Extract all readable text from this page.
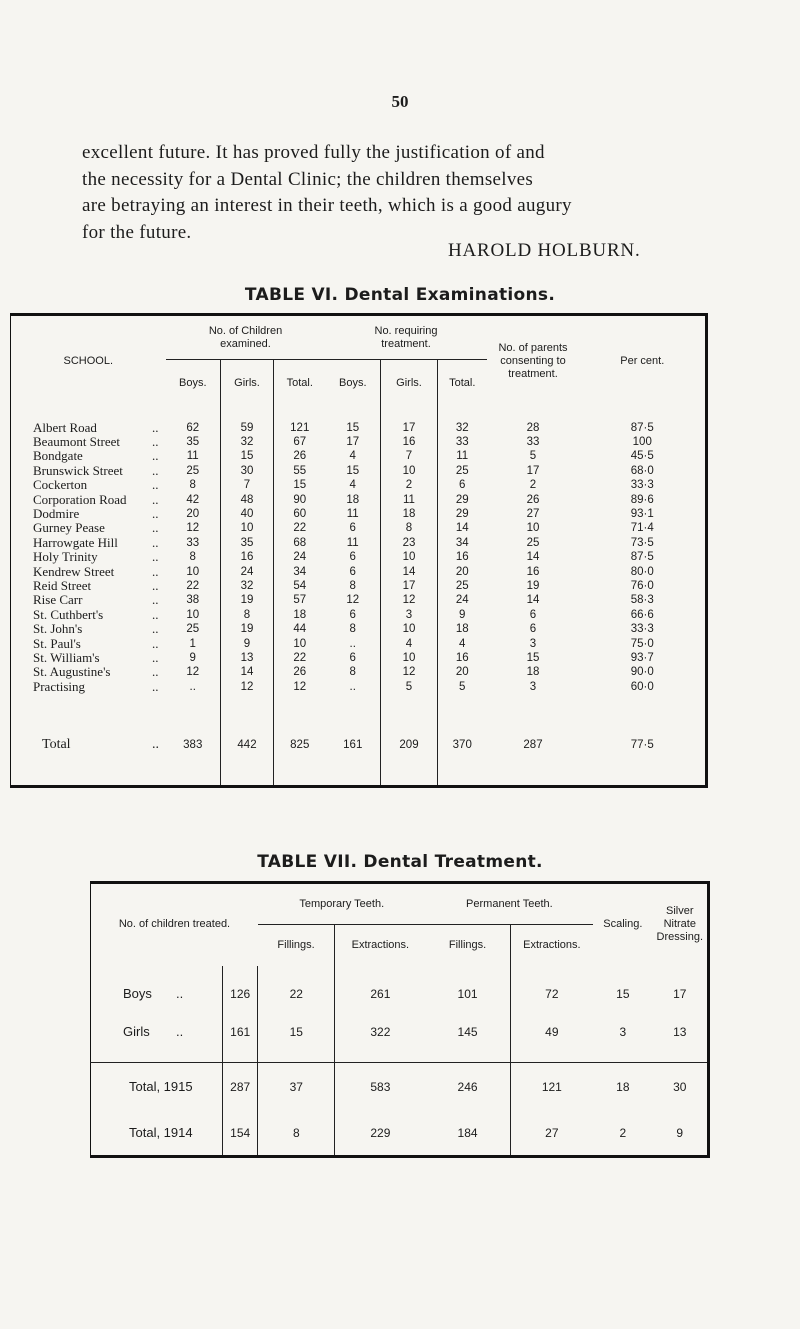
50
excellent future. It has proved fully the justification of and
the necessity for a Dental Clinic; the children themselves
are betraying an interest in their teeth, which is a good augury
for the future.
HAROLD HOLBURN.
TABLE VI. Dental Examinations.
SCHOOL.	No. of Children examined.			No. requiring treatment.			No. of parents consenting to treatment.	Per cent.
	Boys.	Girls.	Total.	Boys.	Girls.	Total.		

Albert Road ..	62	59	121	15	17	32	28	87·5
Beaumont Street ..	35	32	67	17	16	33	33	100
Bondgate ..	11	15	26	4	7	11	5	45·5
Brunswick Street ..	25	30	55	15	10	25	17	68·0
Cockerton ..	8	7	15	4	2	6	2	33·3
Corporation Road ..	42	48	90	18	11	29	26	89·6
Dodmire ..	20	40	60	11	18	29	27	93·1
Gurney Pease ..	12	10	22	6	8	14	10	71·4
Harrowgate Hill ..	33	35	68	11	23	34	25	73·5
Holy Trinity ..	8	16	24	6	10	16	14	87·5
Kendrew Street ..	10	24	34	6	14	20	16	80·0
Reid Street ..	22	32	54	8	17	25	19	76·0
Rise Carr ..	38	19	57	12	12	24	14	58·3
St. Cuthbert's ..	10	8	18	6	3	9	6	66·6
St. John's ..	25	19	44	8	10	18	6	33·3
St. Paul's ..	1	9	10	..	4	4	3	75·0
St. William's ..	9	13	22	6	10	16	15	93·7
St. Augustine's ..	12	14	26	8	12	20	18	90·0
Practising ..	..	12	12	..	5	5	3	60·0

Total ..	383	442	825	161	209	370	287	77·5
TABLE VII. Dental Treatment.
No. of children treated.		Temporary Teeth.		Permanent Teeth.		Scaling.	Silver Nitrate Dressing.
		Fillings.	Extractions.	Fillings.	Extractions.		

Boys ..	126	22	261	101	72	15	17
Girls ..	161	15	322	145	49	3	13

Total, 1915	287	37	583	246	121	18	30
Total, 1914	154	8	229	184	27	2	9
